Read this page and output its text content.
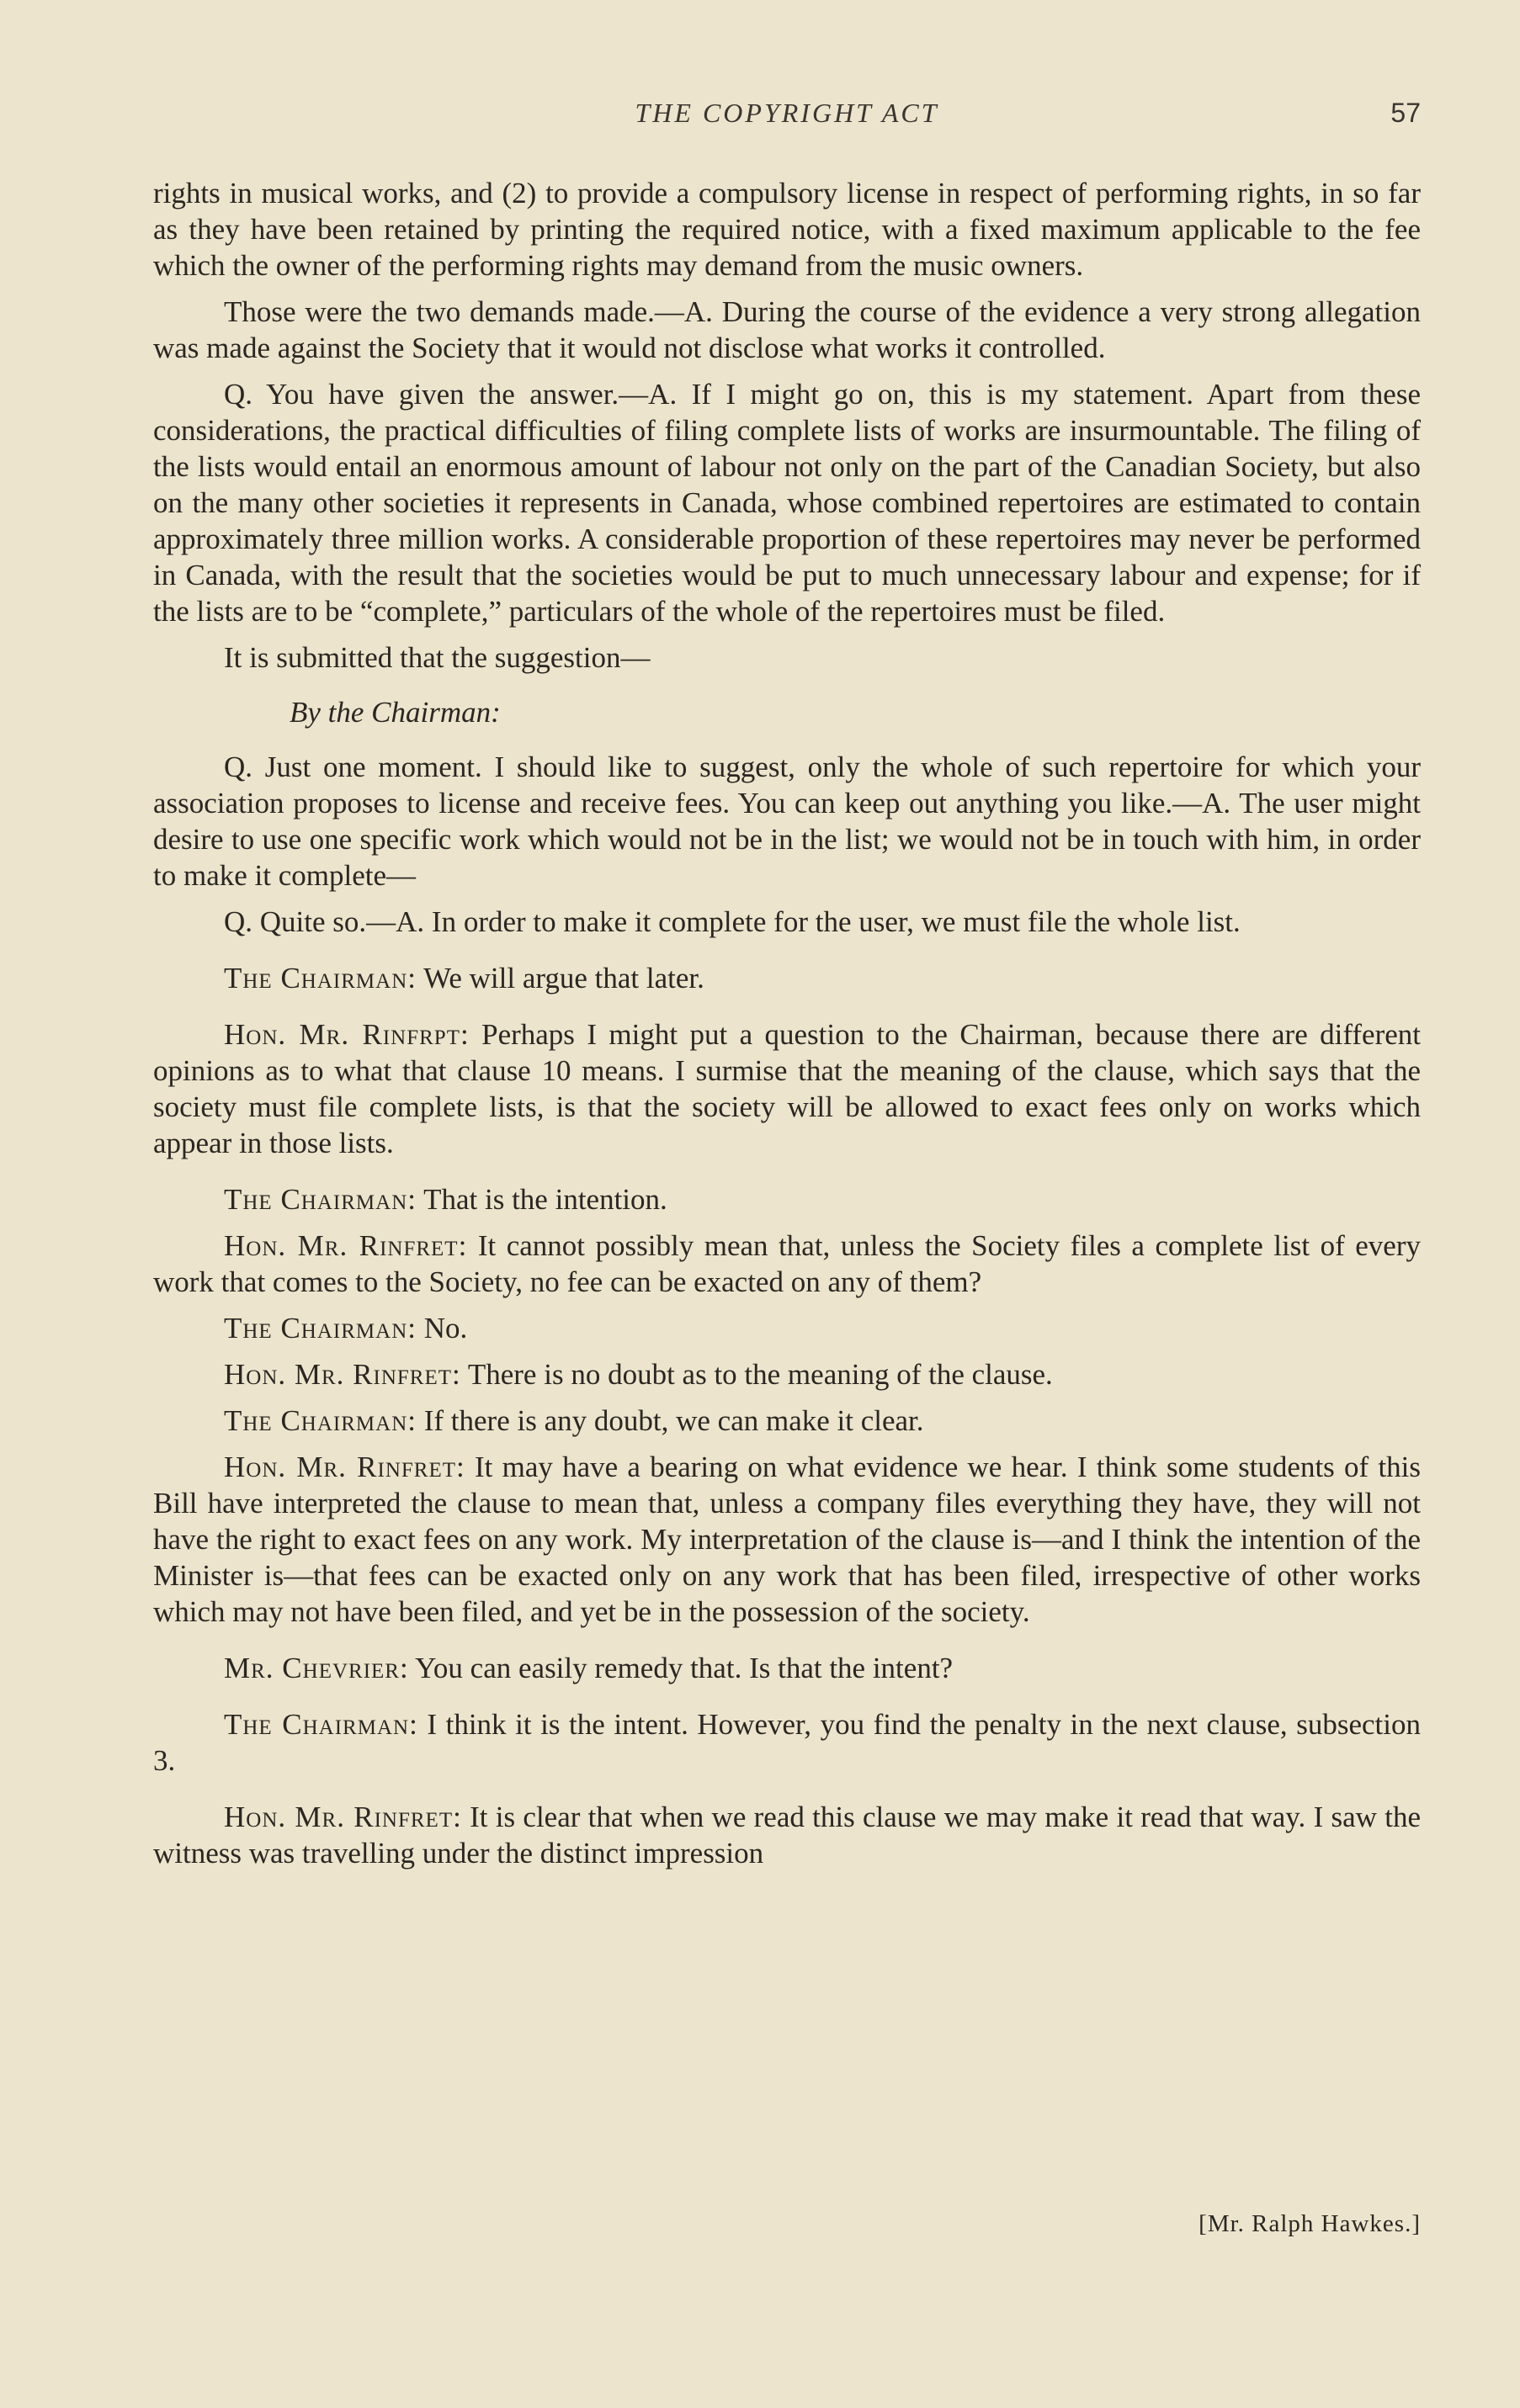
THE COPYRIGHT ACT	57

rights in musical works, and (2) to provide a compulsory license in respect of performing rights, in so far as they have been retained by printing the required notice, with a fixed maximum applicable to the fee which the owner of the performing rights may demand from the music owners.

Those were the two demands made.—A. During the course of the evidence a very strong allegation was made against the Society that it would not disclose what works it controlled.

Q. You have given the answer.—A. If I might go on, this is my statement. Apart from these considerations, the practical difficulties of filing complete lists of works are insurmountable. The filing of the lists would entail an enormous amount of labour not only on the part of the Canadian Society, but also on the many other societies it represents in Canada, whose combined repertoires are estimated to contain approximately three million works. A considerable proportion of these repertoires may never be performed in Canada, with the result that the societies would be put to much unnecessary labour and expense; for if the lists are to be “complete,” particulars of the whole of the repertoires must be filed.

It is submitted that the suggestion—

By the Chairman:

Q. Just one moment. I should like to suggest, only the whole of such repertoire for which your association proposes to license and receive fees. You can keep out anything you like.—A. The user might desire to use one specific work which would not be in the list; we would not be in touch with him, in order to make it complete—

Q. Quite so.—A. In order to make it complete for the user, we must file the whole list.

The Chairman: We will argue that later.

Hon. Mr. Rinfrpt: Perhaps I might put a question to the Chairman, because there are different opinions as to what that clause 10 means. I surmise that the meaning of the clause, which says that the society must file complete lists, is that the society will be allowed to exact fees only on works which appear in those lists.

The Chairman: That is the intention.

Hon. Mr. Rinfret: It cannot possibly mean that, unless the Society files a complete list of every work that comes to the Society, no fee can be exacted on any of them?

The Chairman: No.

Hon. Mr. Rinfret: There is no doubt as to the meaning of the clause.

The Chairman: If there is any doubt, we can make it clear.

Hon. Mr. Rinfret: It may have a bearing on what evidence we hear. I think some students of this Bill have interpreted the clause to mean that, unless a company files everything they have, they will not have the right to exact fees on any work. My interpretation of the clause is—and I think the intention of the Minister is—that fees can be exacted only on any work that has been filed, irrespective of other works which may not have been filed, and yet be in the possession of the society.

Mr. Chevrier: You can easily remedy that. Is that the intent?

The Chairman: I think it is the intent. However, you find the penalty in the next clause, subsection 3.

Hon. Mr. Rinfret: It is clear that when we read this clause we may make it read that way. I saw the witness was travelling under the distinct impression

[Mr. Ralph Hawkes.]
